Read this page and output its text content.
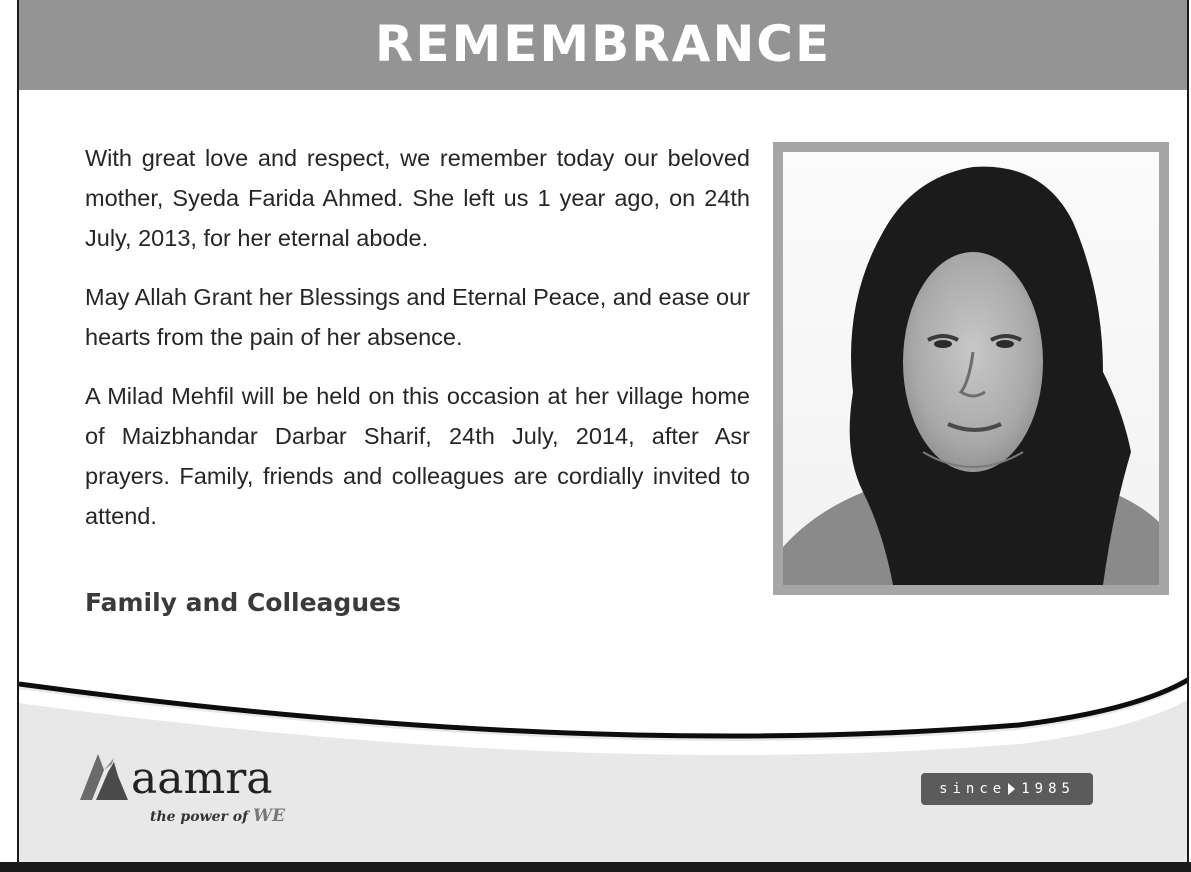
REMEMBRANCE

With great love and respect, we remember today our beloved mother, Syeda Farida Ahmed. She left us 1 year ago, on 24th July, 2013, for her eternal abode.

May Allah Grant her Blessings and Eternal Peace, and ease our hearts from the pain of her absence.

A Milad Mehfil will be held on this occasion at her village home of Maizbhandar Darbar Sharif, 24th July, 2014, after Asr prayers. Family, friends and colleagues are cordially invited to attend.

Family and Colleagues
aamra
the power of WE
since 1985
